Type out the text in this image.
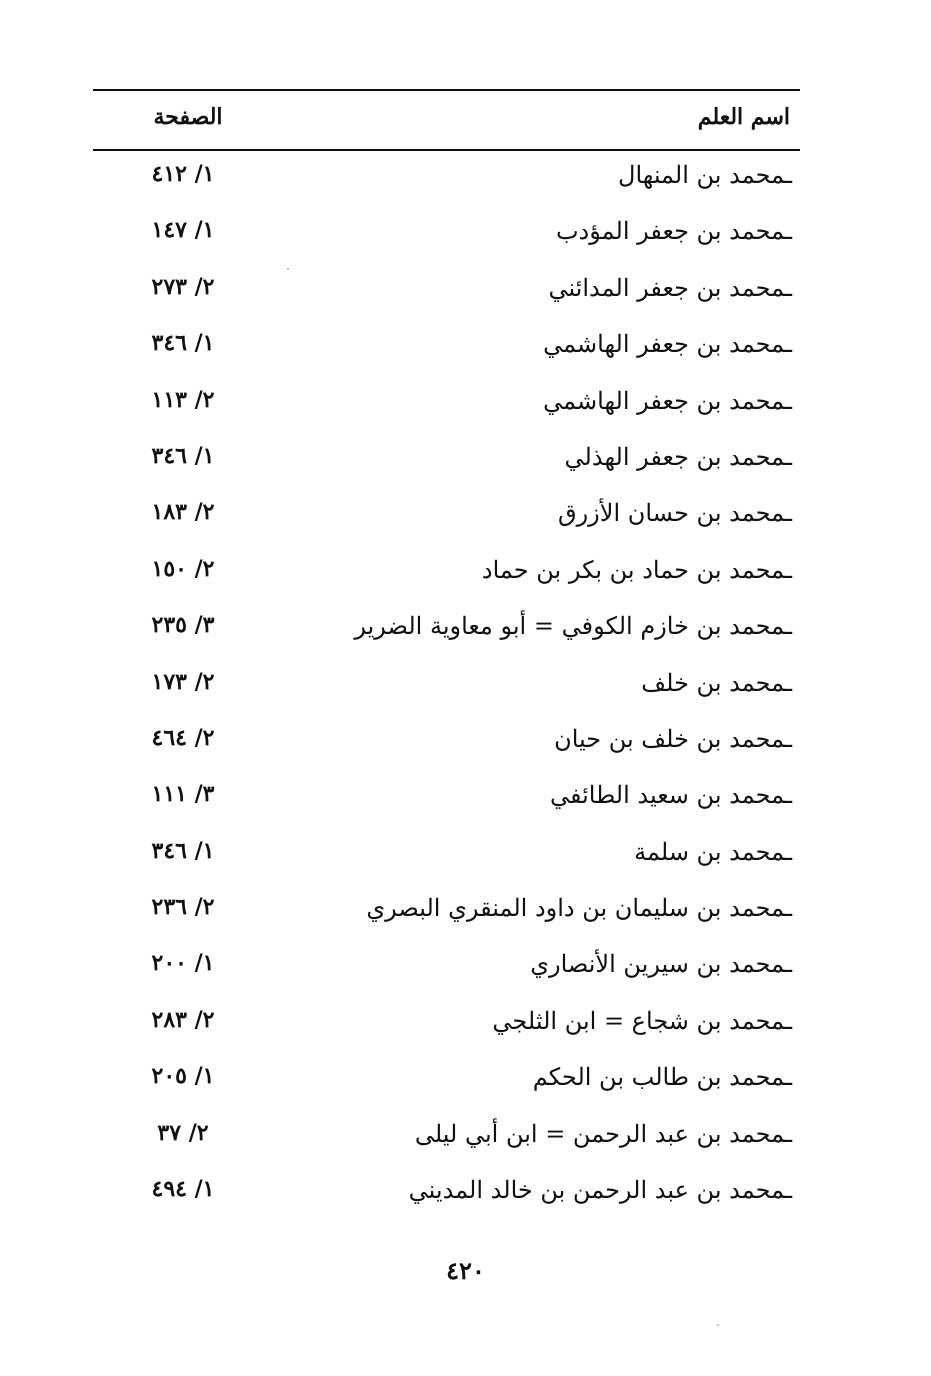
اسم العلم
الصفحة
ـمحمد بن المنهال
١/ ٤١٢
ـمحمد بن جعفر المؤدب
١/ ١٤٧
ـمحمد بن جعفر المدائني
٢/ ٢٧٣
ـمحمد بن جعفر الهاشمي
١/ ٣٤٦
ـمحمد بن جعفر الهاشمي
٢/ ١١٣
ـمحمد بن جعفر الهذلي
١/ ٣٤٦
ـمحمد بن حسان الأزرق
٢/ ١٨٣
ـمحمد بن حماد بن بكر بن حماد
٢/ ١٥٠
ـمحمد بن خازم الكوفي = أبو معاوية الضرير
٣/ ٢٣٥
ـمحمد بن خلف
٢/ ١٧٣
ـمحمد بن خلف بن حيان
٢/ ٤٦٤
ـمحمد بن سعيد الطائفي
٣/ ١١١
ـمحمد بن سلمة
١/ ٣٤٦
ـمحمد بن سليمان بن داود المنقري البصري
٢/ ٢٣٦
ـمحمد بن سيرين الأنصاري
١/ ٢٠٠
ـمحمد بن شجاع = ابن الثلجي
٢/ ٢٨٣
ـمحمد بن طالب بن الحكم
١/ ٢٠٥
ـمحمد بن عبد الرحمن = ابن أبي ليلى
٢/ ٣٧
ـمحمد بن عبد الرحمن بن خالد المديني
١/ ٤٩٤
٤٢٠
